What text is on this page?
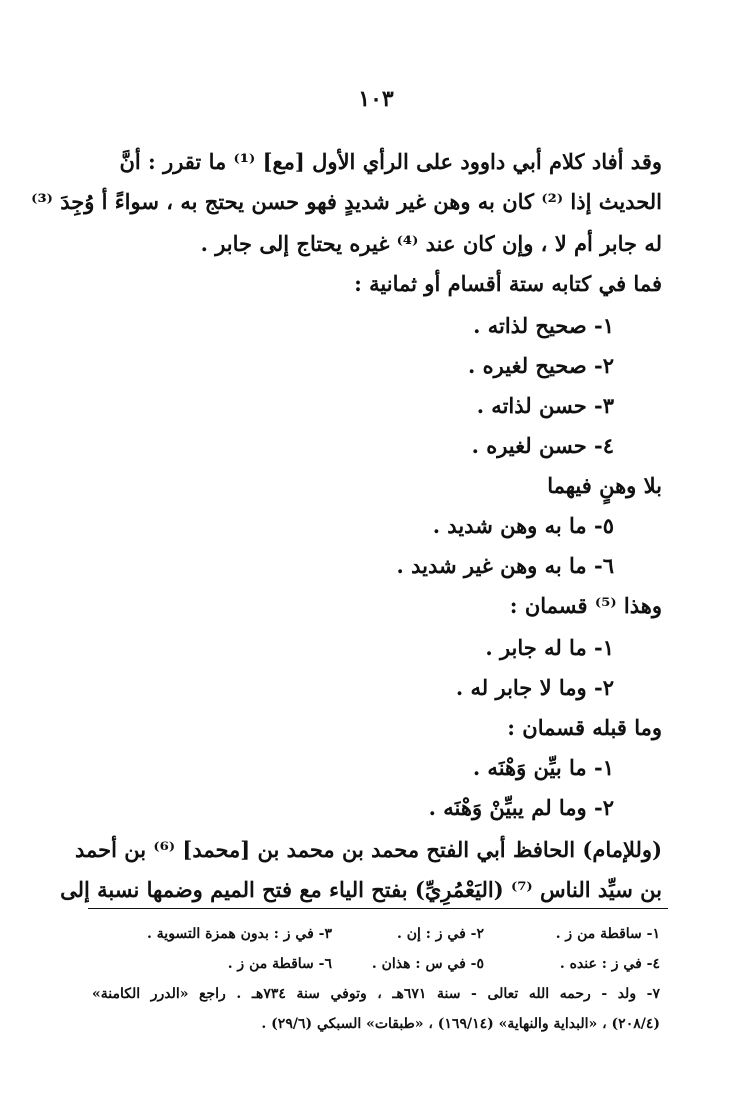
١٠٣
وقد أفاد كلام أبي داوود على الرأي الأول [مع] ⁽¹⁾ ما تقرر : أنَّ
الحديث إذا ⁽²⁾ كان به وهن غير شديدٍ فهو حسن يحتج به ، سواءً أ وُجِدَ ⁽³⁾
له جابر أم لا ، وإن كان عند ⁽⁴⁾ غيره يحتاج إلى جابر .
فما في كتابه ستة أقسام أو ثمانية :
١- صحيح لذاته .
٢- صحيح لغيره .
٣- حسن لذاته .
٤- حسن لغيره .
بلا وهنٍ فيهما
٥- ما به وهن شديد .
٦- ما به وهن غير شديد .
وهذا ⁽⁵⁾ قسمان :
١- ما له جابر .
٢- وما لا جابر له .
وما قبله قسمان :
١- ما بيِّن وَهْنَه .
٢- وما لم يبيِّنْ وَهْنَه .
(وللإمام) الحافظ أبي الفتح محمد بن محمد بن [محمد] ⁽⁶⁾ بن أحمد
بن سيِّد الناس ⁽⁷⁾ (اليَعْمُرِيِّ) بفتح الياء مع فتح الميم وضمها نسبة إلى
١- ساقطة من ز .
٢- في ز : إن .
٣- في ز : بدون همزة التسوية .
٤- في ز : عنده .
٥- في س : هذان .
٦- ساقطة من ز .
٧- ولد - رحمه الله تعالى - سنة ٦٧١هـ ، وتوفي سنة ٧٣٤هـ . راجع «الدرر الكامنة»
(٢٠٨/٤) ، «البداية والنهاية» (١٦٩/١٤) ، «طبقات» السبكي (٢٩/٦) .
